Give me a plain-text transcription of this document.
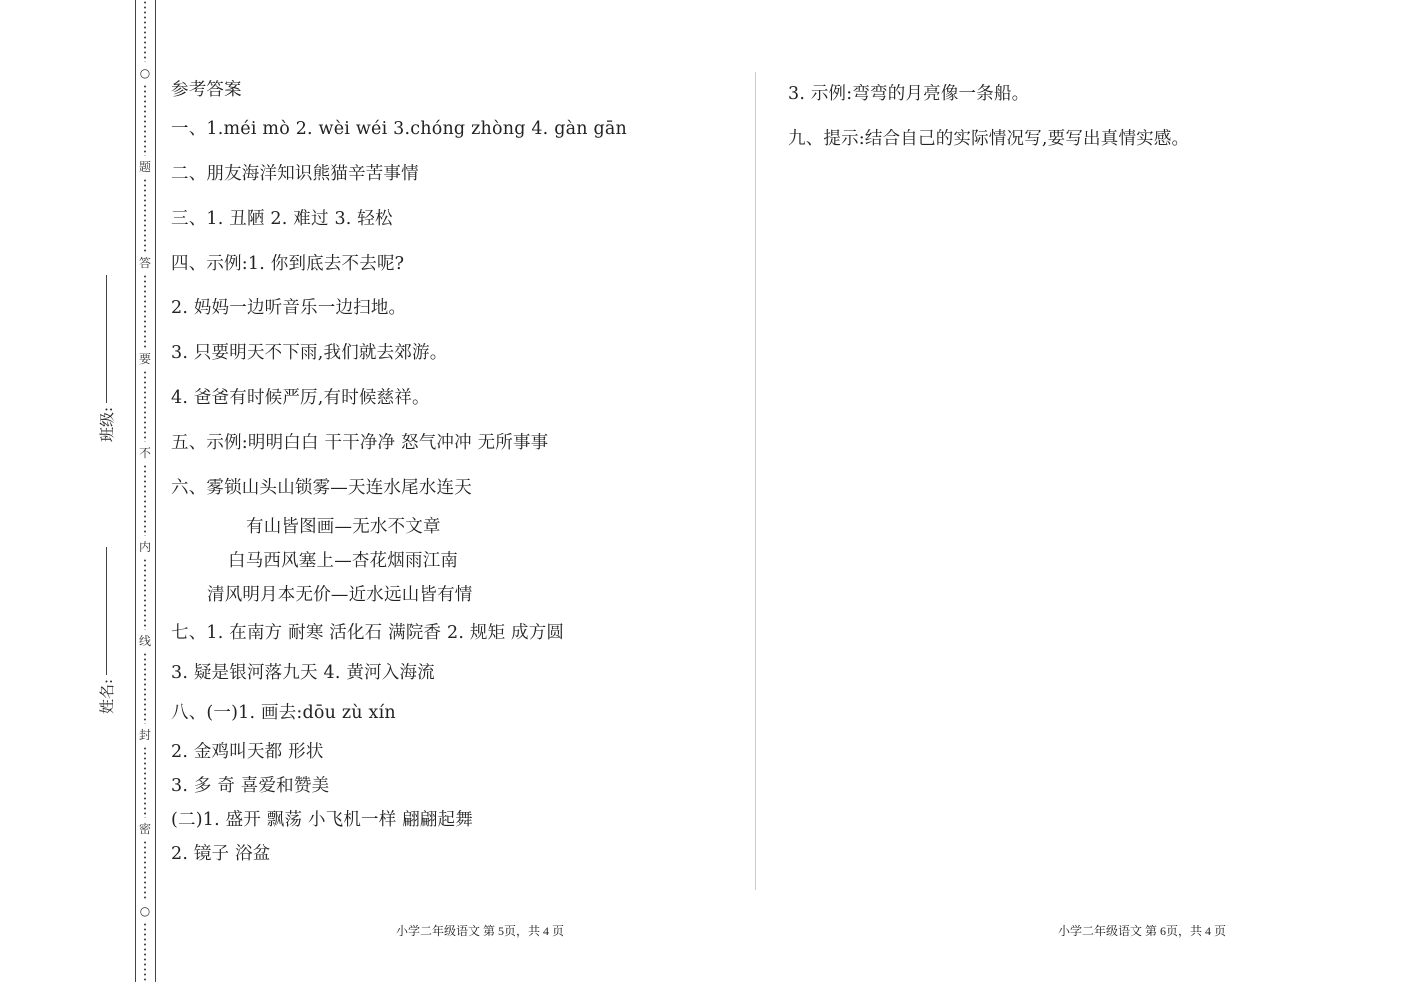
○
题
答
要
不
内
线
封
密
○
班级:
姓名:
参考答案
一、1.méi mò 2. wèi wéi 3.chóng zhòng 4. gàn gān
二、朋友海洋知识熊猫辛苦事情
三、1. 丑陋 2. 难过 3. 轻松
四、示例:1. 你到底去不去呢?
2. 妈妈一边听音乐一边扫地。
3. 只要明天不下雨,我们就去郊游。
4. 爸爸有时候严厉,有时候慈祥。
五、示例:明明白白 干干净净 怒气冲冲 无所事事
六、雾锁山头山锁雾—天连水尾水连天
有山皆图画—无水不文章
白马西风塞上—杏花烟雨江南
清风明月本无价—近水远山皆有情
七、1. 在南方 耐寒 活化石 满院香 2. 规矩 成方圆
3. 疑是银河落九天 4. 黄河入海流
八、(一)1. 画去:dōu zù xín
2. 金鸡叫天都 形状
3. 多 奇 喜爱和赞美
(二)1. 盛开 飘荡 小飞机一样 翩翩起舞
2. 镜子 浴盆
3. 示例:弯弯的月亮像一条船。
九、提示:结合自己的实际情况写,要写出真情实感。
小学二年级语文 第 5页，共 4 页	小学二年级语文 第 6页，共 4 页
